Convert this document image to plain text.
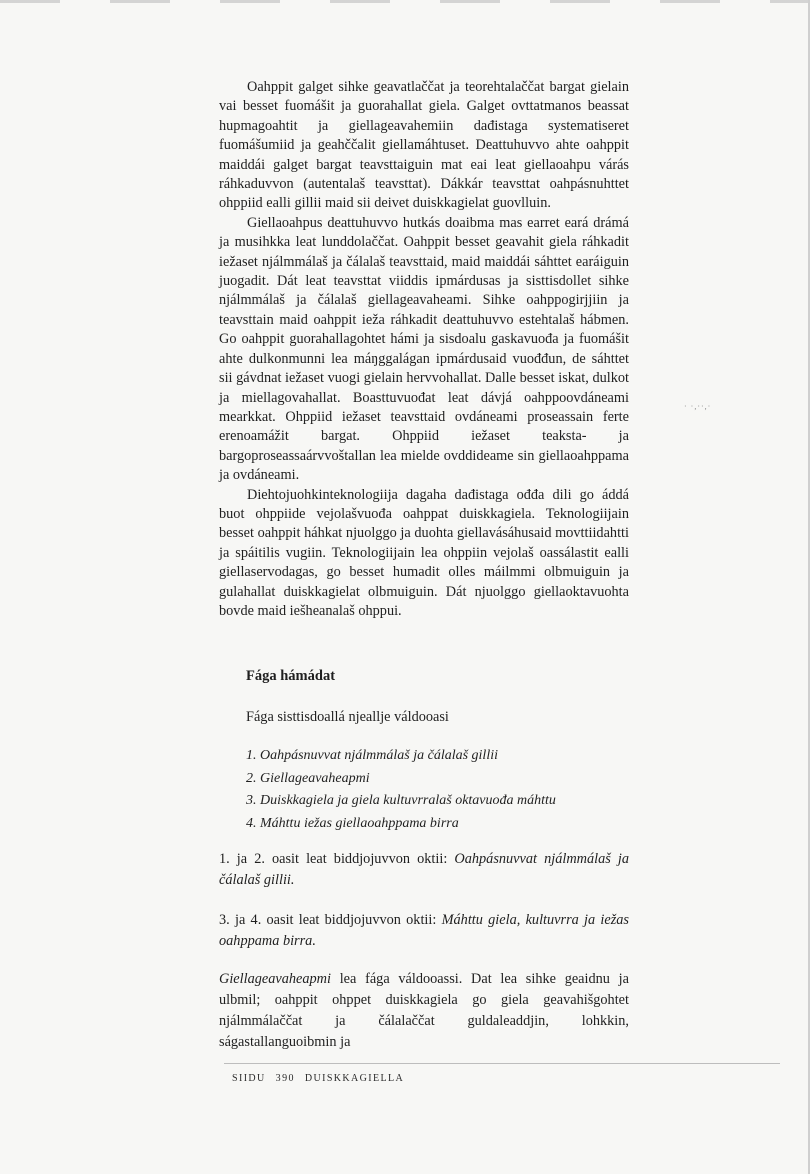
Oahppit galget sihke geavatlaččat ja teorehtalaččat bargat gielain vai besset fuomášit ja guorahallat giela. Galget ovttatmanos beassat hupmagoahtit ja giellageavahemiin dađistaga systematiseret fuomášumiid ja geahččalit giellamáhtuset. Deattuhuvvo ahte oahppit maiddái galget bargat teavsttaiguin mat eai leat giellaoahpu várás ráhkaduvvon (autentalaš teavsttat). Dákkár teavsttat oahpásnuhttet ohppiid ealli gillii maid sii deivet duiskkagielat guovlluin.

Giellaoahpus deattuhuvvo hutkás doaibma mas earret eará drámá ja musihkka leat lunddolaččat. Oahppit besset geavahit giela ráhkadit iežaset njálmmálaš ja čálalaš teavsttaid, maid maiddái sáhttet earáiguin juogadit. Dát leat teavsttat viiddis ipmárdusas ja sisttisdollet sihke njálmmálaš ja čálalaš giellageavaheami. Sihke oahppogirjjiin ja teavsttain maid oahppit ieža ráhkadit deattuhuvvo estehtalaš hábmen. Go oahppit guorahallagohtet hámi ja sisdoalu gaskavuođa ja fuomášit ahte dulkonmunni lea máŋggalágan ipmárdusaid vuođđun, de sáhttet sii gávdnat iežaset vuogi gielain hervvohallat. Dalle besset iskat, dulkot ja miellagovahallat. Boasttuvuođat leat dávjá oahppoovdáneami mearkkat. Ohppiid iežaset teavsttaid ovdáneami proseassain ferte erenoamážit bargat. Ohppiid iežaset teaksta- ja bargoproseassaárvvoštallan lea mielde ovddideame sin giellaoahppama ja ovdáneami.

Diehtojuohkinteknologiija dagaha dađistaga ođđa dili go áddá buot ohppiide vejolašvuođa oahppat duiskkagiela. Teknologiijain besset oahppit háhkat njuolggo ja duohta giellavásáhusaid movttiidahtti ja spáitilis vugiin. Teknologiijain lea ohppiin vejolaš oassálastit ealli giellaservodagas, go besset humadit olles máilmmi olbmuiguin ja gulahallat duiskkagielat olbmuiguin. Dát njuolggo giellaoktavuohta bovde maid iešheanalaš ohppui.

· ·,··,·
Fága hámádat
Fága sisttisdoallá njeallje váldooasi
1. Oahpásnuvvat njálmmálaš ja čálalaš gillii
2. Giellageavaheapmi
3. Duiskkagiela ja giela kultuvrralaš oktavuođa máhttu
4. Máhttu iežas giellaoahppama birra
1. ja 2. oasit leat biddjojuvvon oktii: Oahpásnuvvat njálmmálaš ja čálalaš gillii.
3. ja 4. oasit leat biddjojuvvon oktii: Máhttu giela, kultuvrra ja iežas oahppama birra.
Giellageavaheapmi lea fága váldooassi. Dat lea sihke geaidnu ja ulbmil; oahppit ohppet duiskkagiela go giela geavahišgohtet njálmmálaččat ja čálalaččat guldaleaddjin, lohkkin, ságastallanguoibmin ja
SIIDU 390 DUISKKAGIELLA
